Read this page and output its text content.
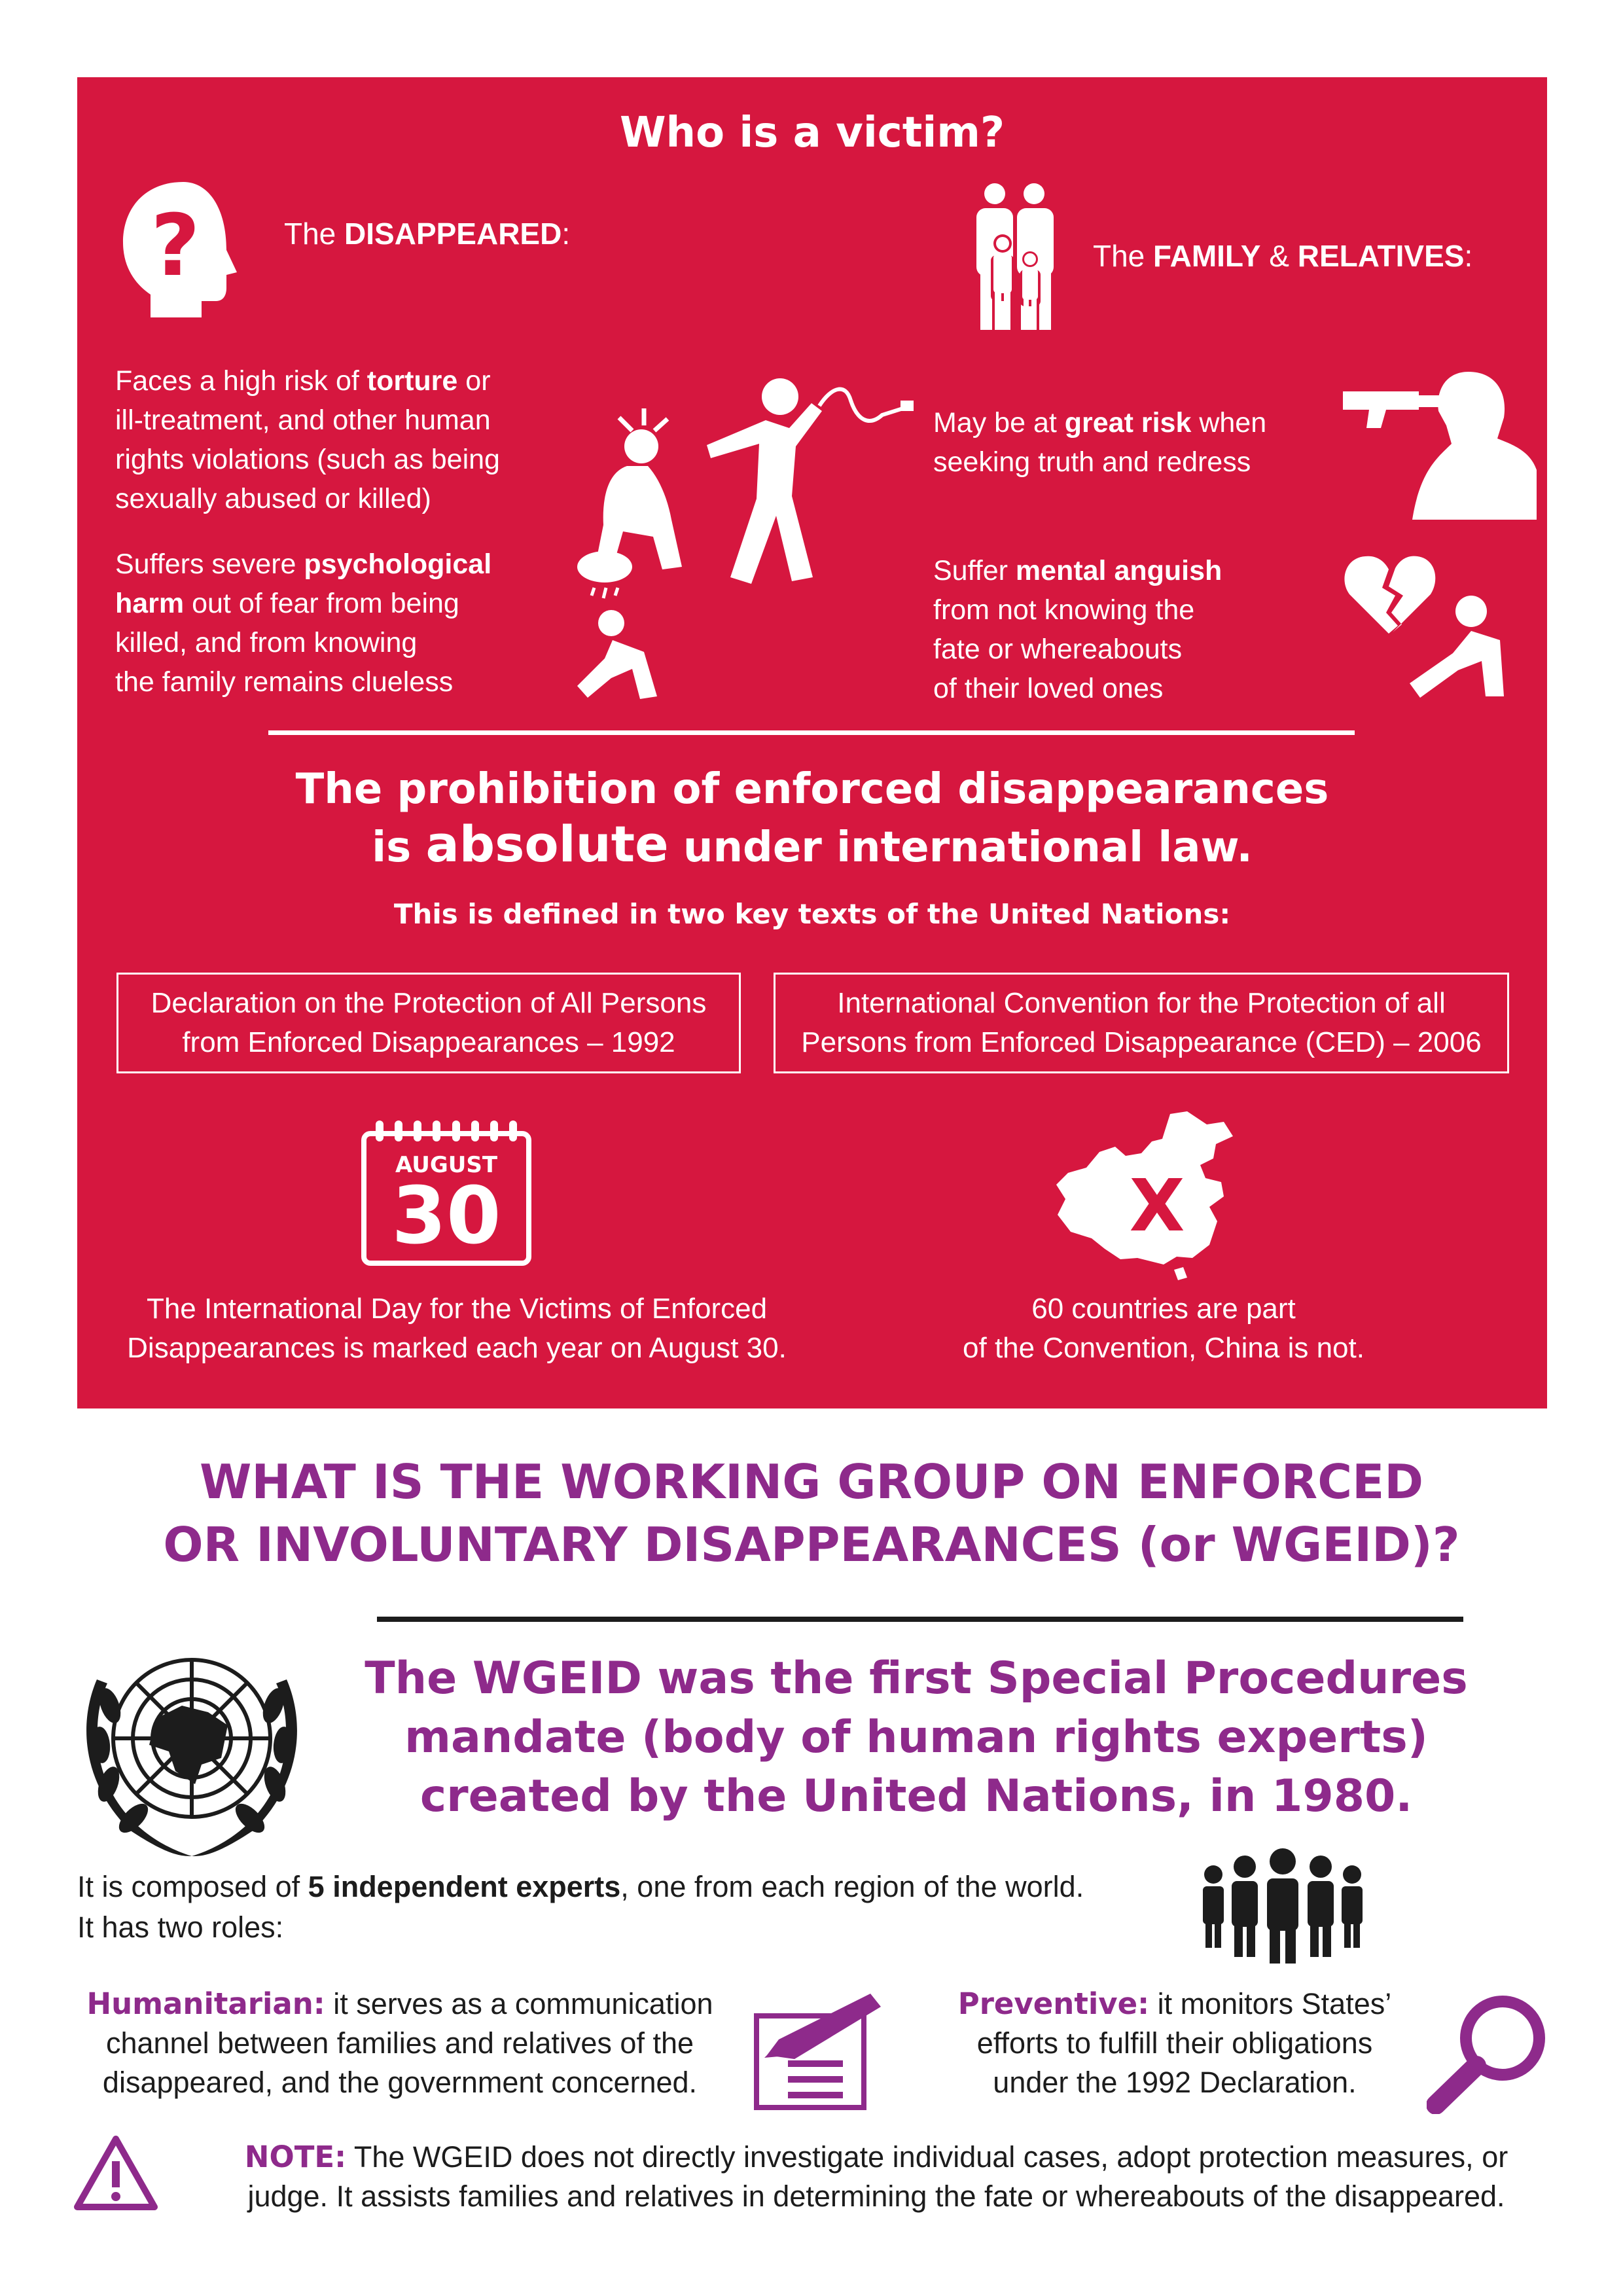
Who is a victim?
?	The DISAPPEARED:
The FAMILY & RELATIVES:
Faces a high risk of torture or
ill-treatment, and other human
rights violations (such as being
sexually abused or killed)
May be at great risk when
seeking truth and redress
Suffers severe psychological
harm out of fear from being
killed, and from knowing
the family remains clueless
Suffer mental anguish
from not knowing the
fate or whereabouts
of their loved ones
The prohibition of enforced disappearances
is absolute under international law.
This is defined in two key texts of the United Nations:
Declaration on the Protection of All Persons
from Enforced Disappearances – 1992
International Convention for the Protection of all
Persons from Enforced Disappearance (CED) – 2006
AUGUST
30	X
The International Day for the Victims of Enforced
Disappearances is marked each year on August 30.
60 countries are part
of the Convention, China is not.
WHAT IS THE WORKING GROUP ON ENFORCED
OR INVOLUNTARY DISAPPEARANCES (or WGEID)?
The WGEID was the first Special Procedures
mandate (body of human rights experts)
created by the United Nations, in 1980.
It is composed of 5 independent experts, one from each region of the world.
It has two roles:
Humanitarian: it serves as a communication
channel between families and relatives of the
disappeared, and the government concerned.
Preventive: it monitors States’
efforts to fulfill their obligations
under the 1992 Declaration.
NOTE: The WGEID does not directly investigate individual cases, adopt protection measures, or
judge. It assists families and relatives in determining the fate or whereabouts of the disappeared.
